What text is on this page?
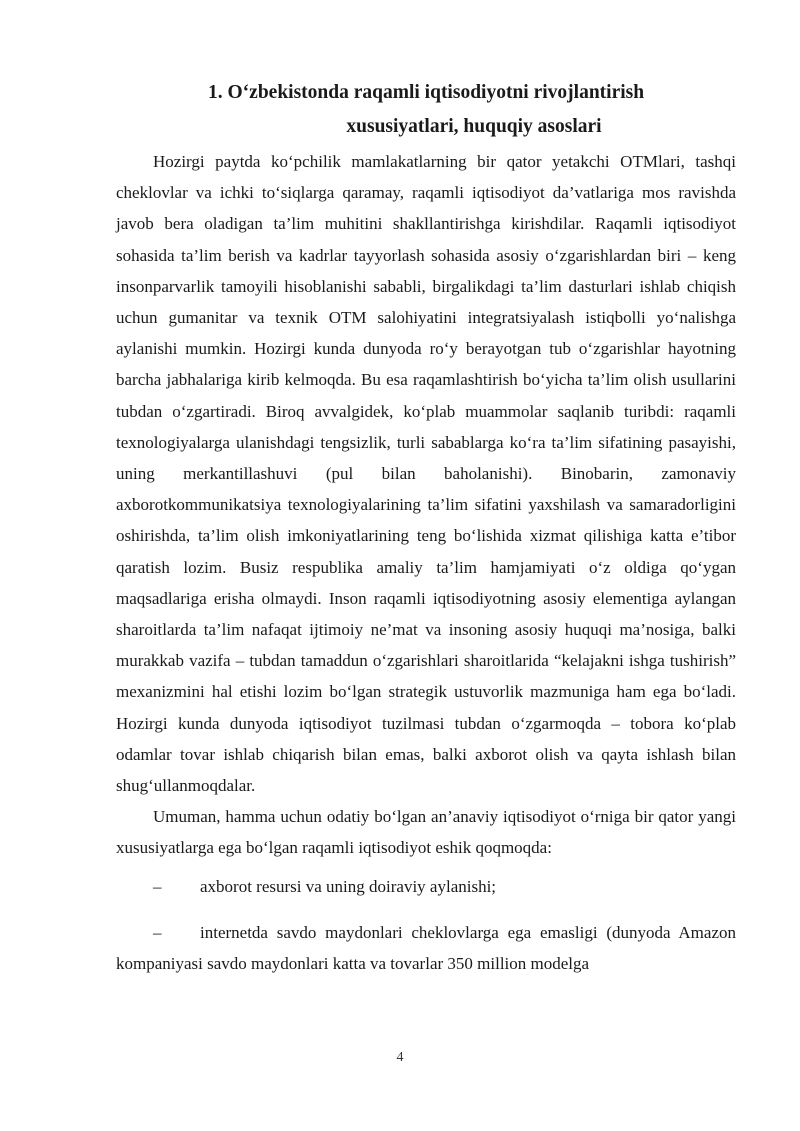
1. O‘zbekistonda raqamli iqtisodiyotni rivojlantirish
xususiyatlari, huquqiy asoslari

Hozirgi paytda ko‘pchilik mamlakatlarning bir qator yetakchi OTMlari, tashqi cheklovlar va ichki to‘siqlarga qaramay, raqamli iqtisodiyot da’vatlariga mos ravishda javob bera oladigan ta’lim muhitini shakllantirishga kirishdilar. Raqamli iqtisodiyot sohasida ta’lim berish va kadrlar tayyorlash sohasida asosiy o‘zgarishlardan biri – keng insonparvarlik tamoyili hisoblanishi sababli, birgalikdagi ta’lim dasturlari ishlab chiqish uchun gumanitar va texnik OTM salohiyatini integratsiyalash istiqbolli yo‘nalishga aylanishi mumkin. Hozirgi kunda dunyoda ro‘y berayotgan tub o‘zgarishlar hayotning barcha jabhalariga kirib kelmoqda. Bu esa raqamlashtirish bo‘yicha ta’lim olish usullarini tubdan o‘zgartiradi. Biroq avvalgidek, ko‘plab muammolar saqlanib turibdi: raqamli texnologiyalarga ulanishdagi tengsizlik, turli sabablarga ko‘ra ta’lim sifatining pasayishi, uning merkantillashuvi (pul bilan baholanishi). Binobarin, zamonaviy axborotkommunikatsiya texnologiyalarining ta’lim sifatini yaxshilash va samaradorligini oshirishda, ta’lim olish imkoniyatlarining teng bo‘lishida xizmat qilishiga katta e’tibor qaratish lozim. Busiz respublika amaliy ta’lim hamjamiyati o‘z oldiga qo‘ygan maqsadlariga erisha olmaydi. Inson raqamli iqtisodiyotning asosiy elementiga aylangan sharoitlarda ta’lim nafaqat ijtimoiy ne’mat va insoning asosiy huquqi ma’nosiga, balki murakkab vazifa – tubdan tamaddun o‘zgarishlari sharoitlarida “kelajakni ishga tushirish” mexanizmini hal etishi lozim bo‘lgan strategik ustuvorlik mazmuniga ham ega bo‘ladi. Hozirgi kunda dunyoda iqtisodiyot tuzilmasi tubdan o‘zgarmoqda – tobora ko‘plab odamlar tovar ishlab chiqarish bilan emas, balki axborot olish va qayta ishlash bilan shug‘ullanmoqdalar.

Umuman, hamma uchun odatiy bo‘lgan an’anaviy iqtisodiyot o‘rniga bir qator yangi xususiyatlarga ega bo‘lgan raqamli iqtisodiyot eshik qoqmoqda:

– axborot resursi va uning doiraviy aylanishi;

– internetda savdo maydonlari cheklovlarga ega emasligi (dunyoda Amazon kompaniyasi savdo maydonlari katta va tovarlar 350 million modelga

4
